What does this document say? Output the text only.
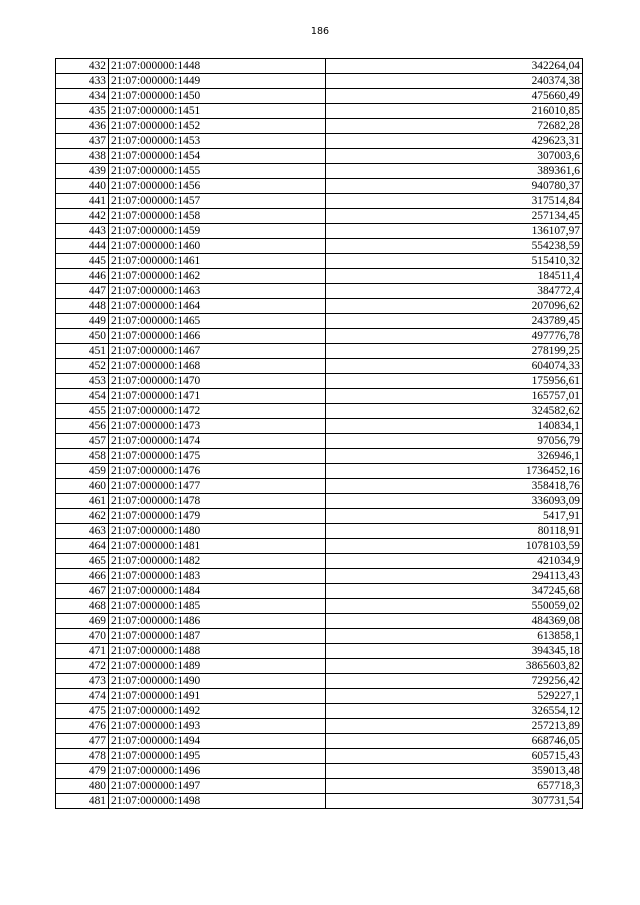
186
432	21:07:000000:1448	342264,04
433	21:07:000000:1449	240374,38
434	21:07:000000:1450	475660,49
435	21:07:000000:1451	216010,85
436	21:07:000000:1452	72682,28
437	21:07:000000:1453	429623,31
438	21:07:000000:1454	307003,6
439	21:07:000000:1455	389361,6
440	21:07:000000:1456	940780,37
441	21:07:000000:1457	317514,84
442	21:07:000000:1458	257134,45
443	21:07:000000:1459	136107,97
444	21:07:000000:1460	554238,59
445	21:07:000000:1461	515410,32
446	21:07:000000:1462	184511,4
447	21:07:000000:1463	384772,4
448	21:07:000000:1464	207096,62
449	21:07:000000:1465	243789,45
450	21:07:000000:1466	497776,78
451	21:07:000000:1467	278199,25
452	21:07:000000:1468	604074,33
453	21:07:000000:1470	175956,61
454	21:07:000000:1471	165757,01
455	21:07:000000:1472	324582,62
456	21:07:000000:1473	140834,1
457	21:07:000000:1474	97056,79
458	21:07:000000:1475	326946,1
459	21:07:000000:1476	1736452,16
460	21:07:000000:1477	358418,76
461	21:07:000000:1478	336093,09
462	21:07:000000:1479	5417,91
463	21:07:000000:1480	80118,91
464	21:07:000000:1481	1078103,59
465	21:07:000000:1482	421034,9
466	21:07:000000:1483	294113,43
467	21:07:000000:1484	347245,68
468	21:07:000000:1485	550059,02
469	21:07:000000:1486	484369,08
470	21:07:000000:1487	613858,1
471	21:07:000000:1488	394345,18
472	21:07:000000:1489	3865603,82
473	21:07:000000:1490	729256,42
474	21:07:000000:1491	529227,1
475	21:07:000000:1492	326554,12
476	21:07:000000:1493	257213,89
477	21:07:000000:1494	668746,05
478	21:07:000000:1495	605715,43
479	21:07:000000:1496	359013,48
480	21:07:000000:1497	657718,3
481	21:07:000000:1498	307731,54
